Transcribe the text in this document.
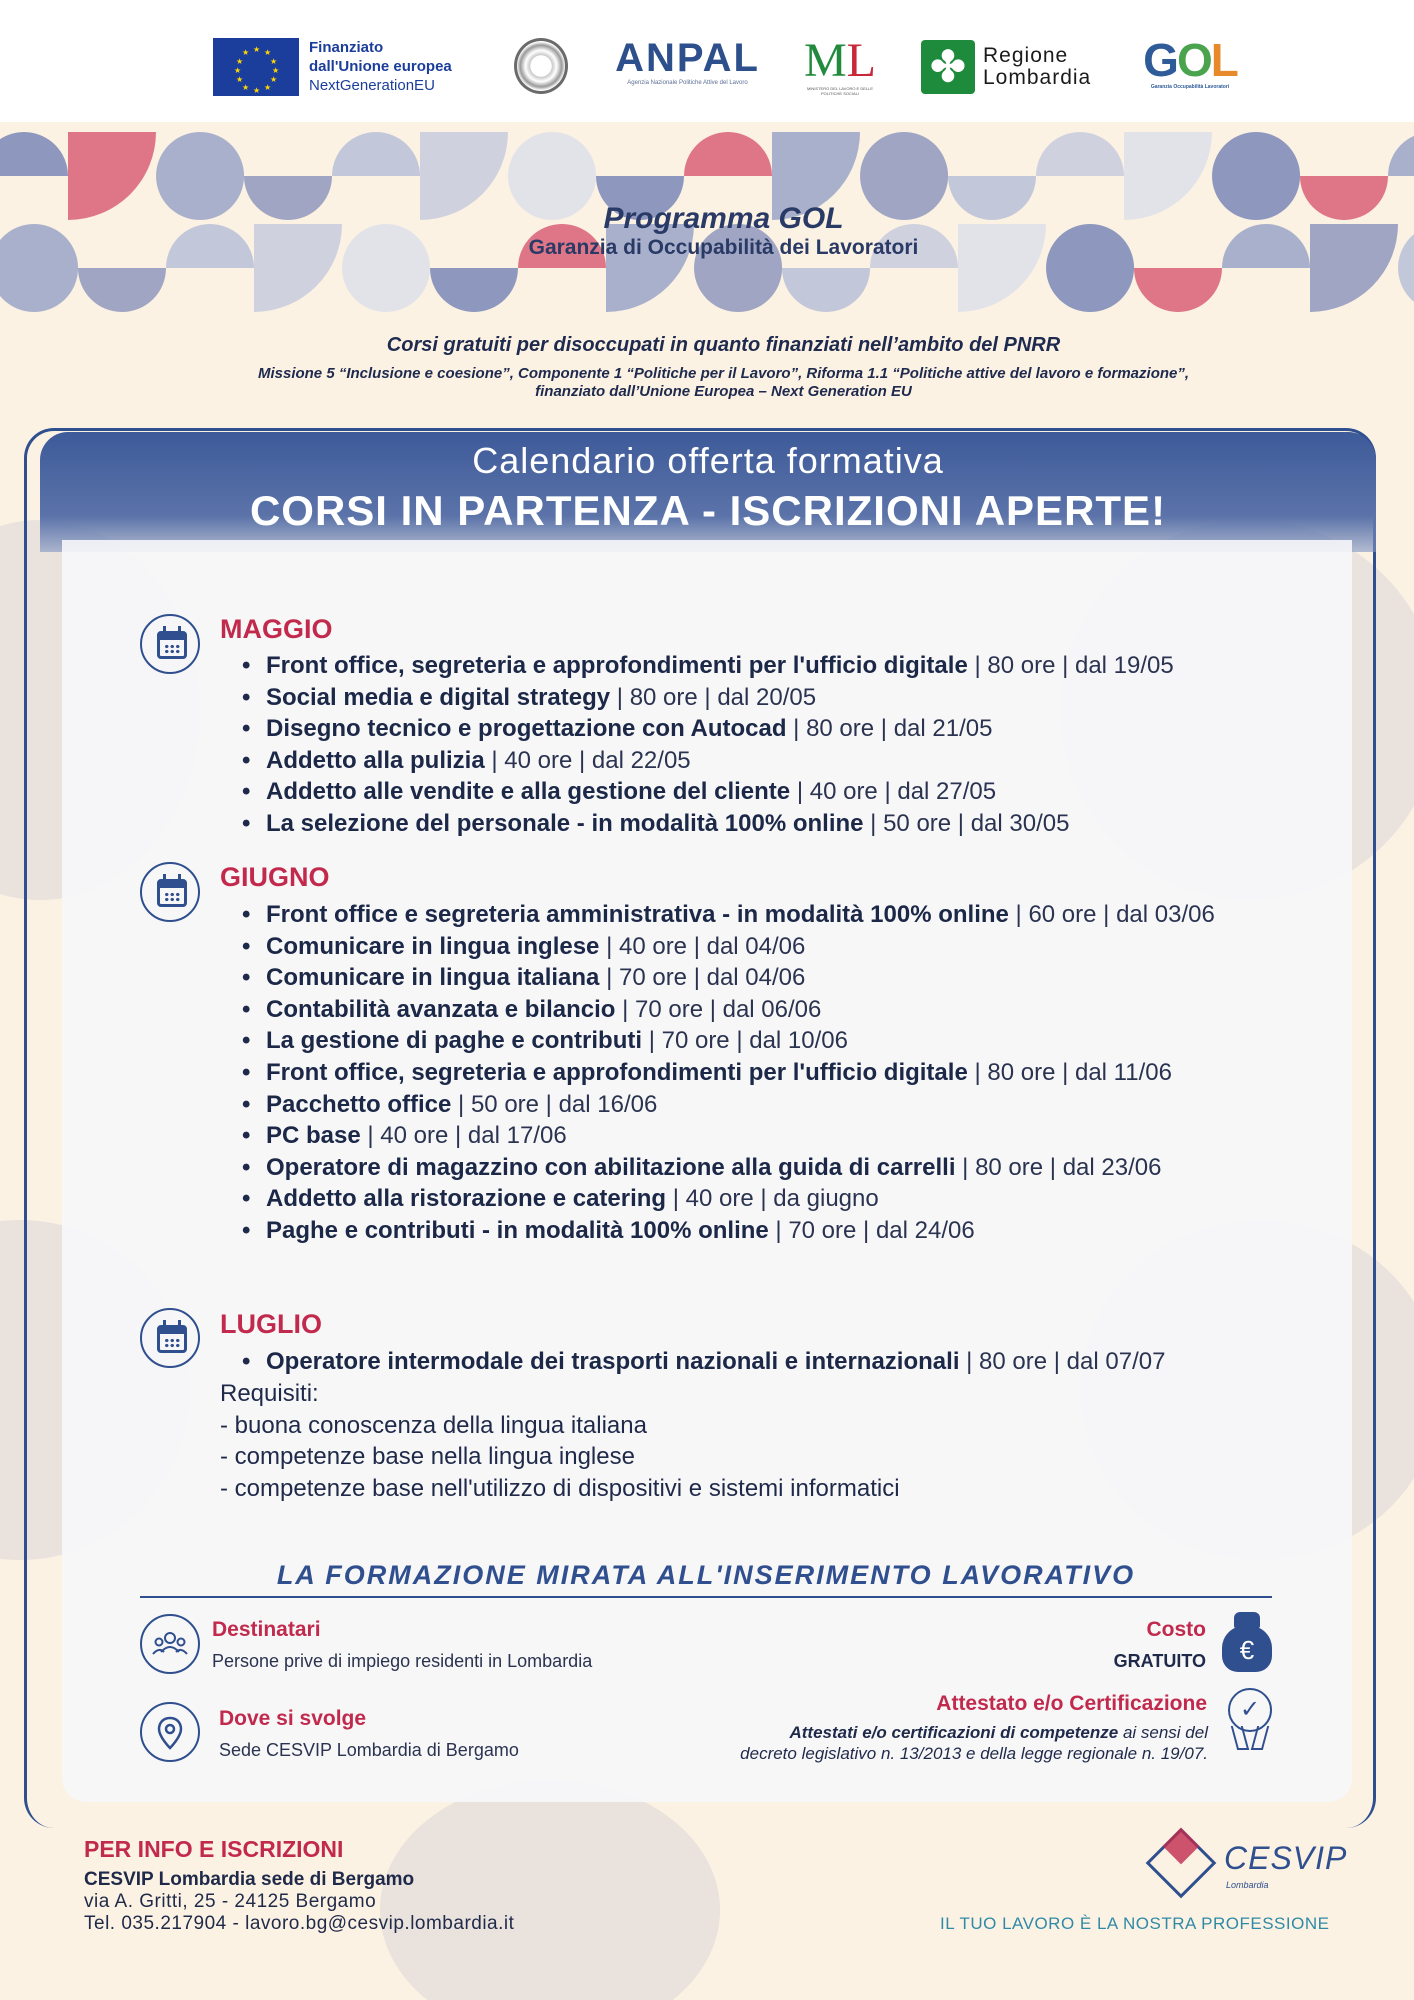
★ ★
★
★
★
★
★
★
★
★
★
★	Finanziato
dall'Unione europea
NextGenerationEU
ANPAL
Agenzia Nazionale Politiche Attive del Lavoro	ML
MINISTERO DEL LAVORO E DELLE POLITICHE SOCIALI
✤ Regione
Lombardia GOL
Garanzia Occupabilità Lavoratori
Programma GOL
Garanzia di Occupabilità dei Lavoratori
Corsi gratuiti per disoccupati in quanto finanziati nell’ambito del PNRR
Missione 5 “Inclusione e coesione”, Componente 1 “Politiche per il Lavoro”, Riforma 1.1 “Politiche attive del lavoro e formazione”,
finanziato dall’Unione Europea – Next Generation EU
Calendario offerta formativa
CORSI IN PARTENZA - ISCRIZIONI APERTE!
MAGGIO
• Front office, segreteria e approfondimenti per l'ufficio digitale | 80 ore | dal 19/05
• Social media e digital strategy | 80 ore | dal 20/05
• Disegno tecnico e progettazione con Autocad | 80 ore | dal 21/05
• Addetto alla pulizia | 40 ore | dal 22/05
• Addetto alle vendite e alla gestione del cliente | 40 ore | dal 27/05
• La selezione del personale - in modalità 100% online | 50 ore | dal 30/05
GIUGNO
• Front office e segreteria amministrativa - in modalità 100% online | 60 ore | dal 03/06
• Comunicare in lingua inglese | 40 ore | dal 04/06
• Comunicare in lingua italiana | 70 ore | dal 04/06
• Contabilità avanzata e bilancio | 70 ore | dal 06/06
• La gestione di paghe e contributi | 70 ore | dal 10/06
• Front office, segreteria e approfondimenti per l'ufficio digitale | 80 ore | dal 11/06
• Pacchetto office | 50 ore | dal 16/06
• PC base | 40 ore | dal 17/06
• Operatore di magazzino con abilitazione alla guida di carrelli | 80 ore | dal 23/06
• Addetto alla ristorazione e catering | 40 ore | da giugno
• Paghe e contributi - in modalità 100% online | 70 ore | dal 24/06
LUGLIO
• Operatore intermodale dei trasporti nazionali e internazionali | 80 ore | dal 07/07
Requisiti:
- buona conoscenza della lingua italiana
- competenze base nella lingua inglese
- competenze base nell'utilizzo di dispositivi e sistemi informatici
LA FORMAZIONE MIRATA ALL'INSERIMENTO LAVORATIVO
Destinatari
Persone prive di impiego residenti in Lombardia
Dove si svolge
Sede CESVIP Lombardia di Bergamo
Costo
GRATUITO	€
Attestato e/o Certificazione
Attestati e/o certificazioni di competenze ai sensi del
decreto legislativo n. 13/2013 e della legge regionale n. 19/07.
✓
PER INFO E ISCRIZIONI
CESVIP Lombardia sede di Bergamo
via A. Gritti, 25 - 24125 Bergamo
Tel. 035.217904 - lavoro.bg@cesvip.lombardia.it
CESVIP
Lombardia
IL TUO LAVORO È LA NOSTRA PROFESSIONE
